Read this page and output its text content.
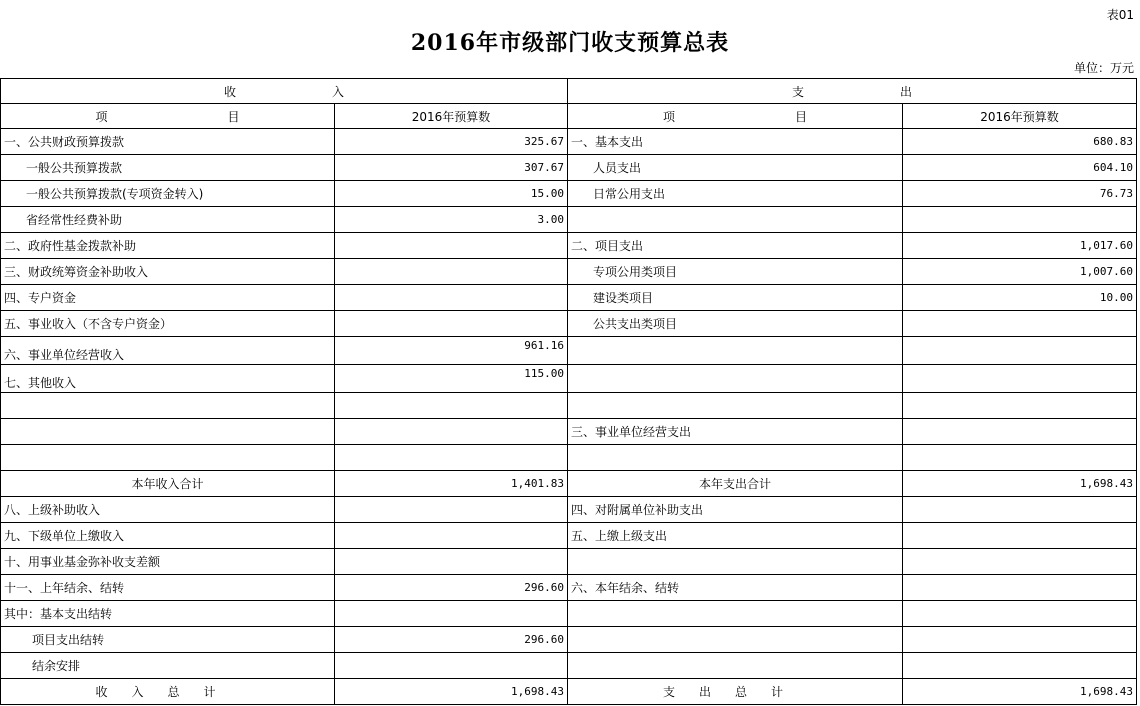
表01
2016年市级部门收支预算总表
单位：万元
收　　　　　　　　入		支　　　　　　　　出	
项　　　　　　　　　　目	2016年预算数	项　　　　　　　　　　目	2016年预算数
一、公共财政预算拨款	325.67	一、基本支出	680.83
一般公共预算拨款	307.67	人员支出	604.10
一般公共预算拨款(专项资金转入)	15.00	日常公用支出	76.73
省经常性经费补助	3.00		
二、政府性基金拨款补助		二、项目支出	1,017.60
三、财政统筹资金补助收入		专项公用类项目	1,007.60
四、专户资金		建设类项目	10.00
五、事业收入（不含专户资金）		公共支出类项目	
六、事业单位经营收入	961.16		
七、其他收入	115.00		

		三、事业单位经营支出	

本年收入合计	1,401.83	本年支出合计	1,698.43
八、上级补助收入		四、对附属单位补助支出	
九、下级单位上缴收入		五、上缴上级支出	
十、用事业基金弥补收支差额			
十一、上年结余、结转	296.60	六、本年结余、结转	
其中：基本支出结转			
项目支出结转	296.60		
结余安排			
收入总计	1,698.43	支出总计	1,698.43
